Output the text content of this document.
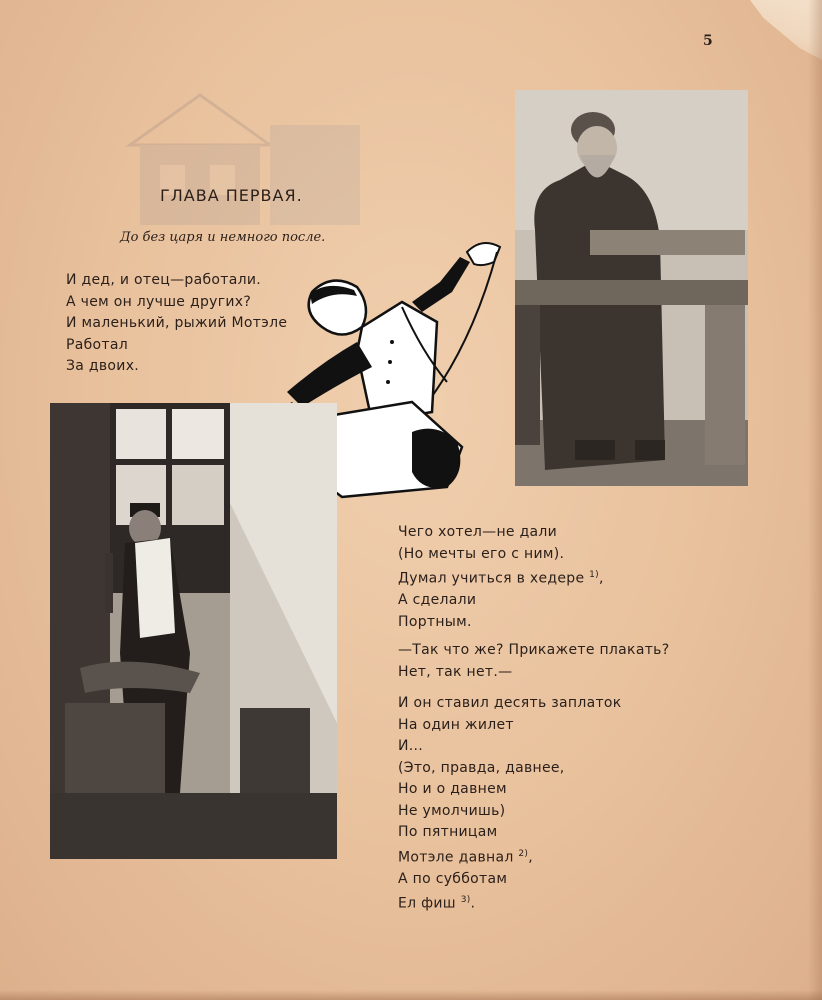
5
ГЛАВА ПЕРВАЯ.
До без царя и немного после.
И дед, и отец—работали.
А чем он лучше других?
И маленький, рыжий Мотэле
Работал
За двоих.
Чего хотел—не дали
(Но мечты его с ним).
Думал учиться в хедере $^{1)}$,
А сделали
Портным.
—Так что же? Прикажете плакать?
Нет, так нет.—
И он ставил десять заплаток
На один жилет
И...
(Это, правда, давнее,
Но и о давнем
Не умолчишь)
По пятницам
Мотэле давнал $^{2)}$,
А по субботам
Ел фиш $^{3)}$.
